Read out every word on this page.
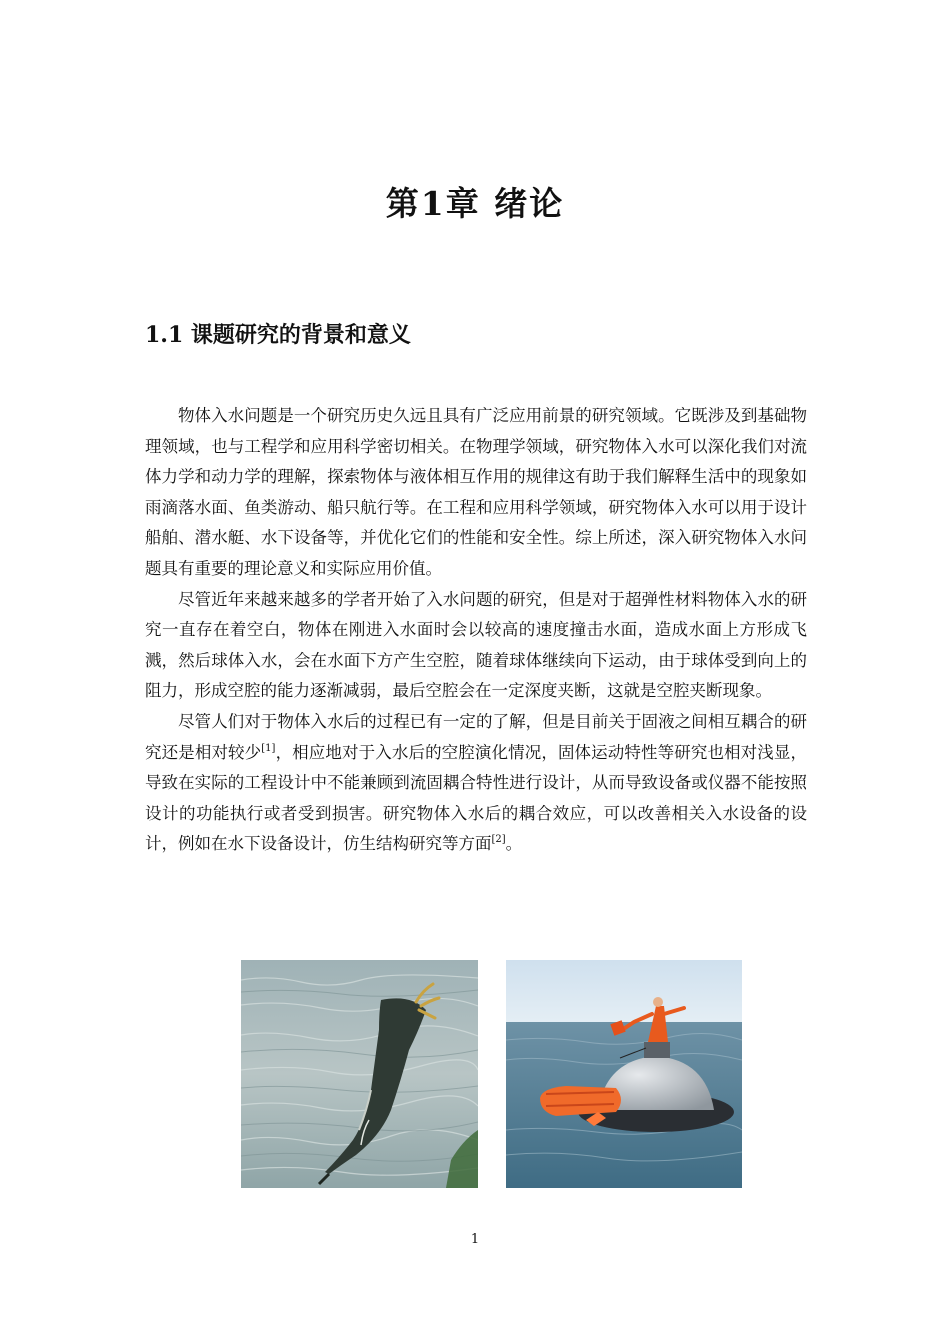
第1章 绪论
1.1 课题研究的背景和意义

物体入水问题是一个研究历史久远且具有广泛应用前景的研究领域。它既涉及到基础物理领域，也与工程学和应用科学密切相关。在物理学领域，研究物体入水可以深化我们对流体力学和动力学的理解，探索物体与液体相互作用的规律这有助于我们解释生活中的现象如雨滴落水面、鱼类游动、船只航行等。在工程和应用科学领域，研究物体入水可以用于设计船舶、潜水艇、水下设备等，并优化它们的性能和安全性。综上所述，深入研究物体入水问题具有重要的理论意义和实际应用价值。

尽管近年来越来越多的学者开始了入水问题的研究，但是对于超弹性材料物体入水的研究一直存在着空白，物体在刚进入水面时会以较高的速度撞击水面，造成水面上方形成飞溅，然后球体入水，会在水面下方产生空腔，随着球体继续向下运动，由于球体受到向上的阻力，形成空腔的能力逐渐减弱，最后空腔会在一定深度夹断，这就是空腔夹断现象。

尽管人们对于物体入水后的过程已有一定的了解，但是目前关于固液之间相互耦合的研究还是相对较少[1]，相应地对于入水后的空腔演化情况，固体运动特性等研究也相对浅显，导致在实际的工程设计中不能兼顾到流固耦合特性进行设计，从而导致设备或仪器不能按照设计的功能执行或者受到损害。研究物体入水后的耦合效应，可以改善相关入水设备的设计，例如在水下设备设计，仿生结构研究等方面[2]。

1
